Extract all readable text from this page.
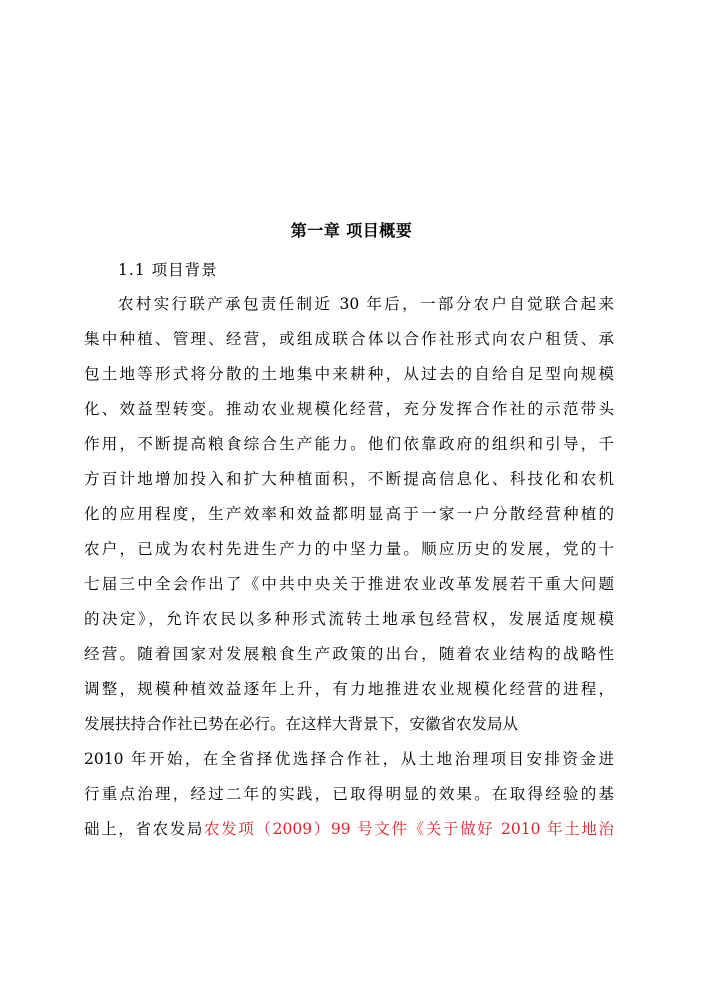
第一章 项目概要
1.1 项目背景
农村实行联产承包责任制近 30 年后，一部分农户自觉联合起来
集中种植、管理、经营，或组成联合体以合作社形式向农户租赁、承
包土地等形式将分散的土地集中来耕种，从过去的自给自足型向规模
化、效益型转变。推动农业规模化经营，充分发挥合作社的示范带头
作用，不断提高粮食综合生产能力。他们依靠政府的组织和引导，千
方百计地增加投入和扩大种植面积，不断提高信息化、科技化和农机
化的应用程度，生产效率和效益都明显高于一家一户分散经营种植的
农户，已成为农村先进生产力的中坚力量。顺应历史的发展，党的十
七届三中全会作出了《中共中央关于推进农业改革发展若干重大问题
的决定》，允许农民以多种形式流转土地承包经营权，发展适度规模
经营。随着国家对发展粮食生产政策的出台，随着农业结构的战略性
调整，规模种植效益逐年上升，有力地推进农业规模化经营的进程，
发展扶持合作社已势在必行。在这样大背景下，安徽省农发局从
2010 年开始，在全省择优选择合作社，从土地治理项目安排资金进
行重点治理，经过二年的实践，已取得明显的效果。在取得经验的基
础上，省农发局农发项（2009）99 号文件《关于做好 2010 年土地治
